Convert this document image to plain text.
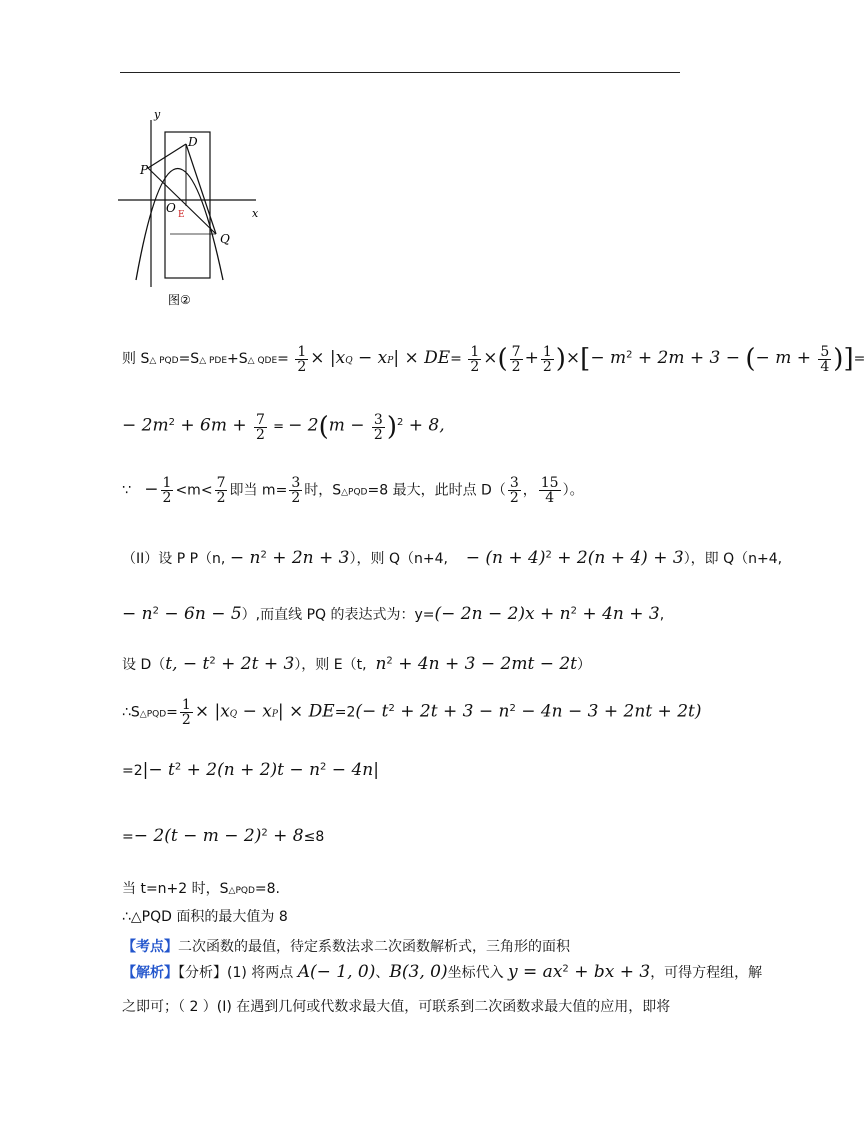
y
x
P
D
O E
Q
图②
则 S△ PQD=S△ PDE+S△ $QDE= \frac{1}{2} \times |xQ - xP| \times DE= \frac{1}{2}$ ×( $\frac{7}{2} + \frac{1}{2}$ )×[− $m^2 + 2m + 3$ − (− $m + \frac{5}{4}$ )]=
− $2m^2 + 6m + \frac{7}{2}$ = − $2(m - \frac{3}{2} )^2 + 8$,
∵ − $\frac{1}{2} <m< \frac{7}{2}$ 即当 $m= \frac{3}{2}$ 时，S△PQD=8 最大，此时点 $D( \frac{3}{2}$ ， $\frac{15}{4}$ ）。
（II）设 P P（n, − $n^2 + 2n + 3$），则 Q（n+4, − $(n + 4)^2 + 2(n + 4) + 3$），即 Q（n+4,
− $n^2 - 6n - 5$）,而直线 PQ 的表达式为：$y=(- 2n - 2)x + n^2 + 4n + 3$,
设 D（t, − $t^2 + 2t + 3$），则 E（t, $n^2 + 4n + 3 - 2mt - 2t$）
∴S△PQD= $\frac{1}{2} \times |xQ - xP| \times DE=2(- t^2 + 2t + 3 - n^2 - 4n - 3 + 2nt + 2t)$
$=2|- t^2 + 2(n + 2)t - n^2 - 4n|$
=− $2(t - m - 2)^2 + 8\le 8$
当 t=n+2 时，S△PQD=8.
∴△PQD 面积的最大值为 8
【考点】二次函数的最值，待定系数法求二次函数解析式，三角形的面积
【解析】【分析】(1) 将两点 A(− 1, 0)、B(3, 0)坐标代入 $y = ax^2$ + bx + 3，可得方程组，解
之即可；（ 2 ）(I) 在遇到几何或代数求最大值，可联系到二次函数求最大值的应用，即将
